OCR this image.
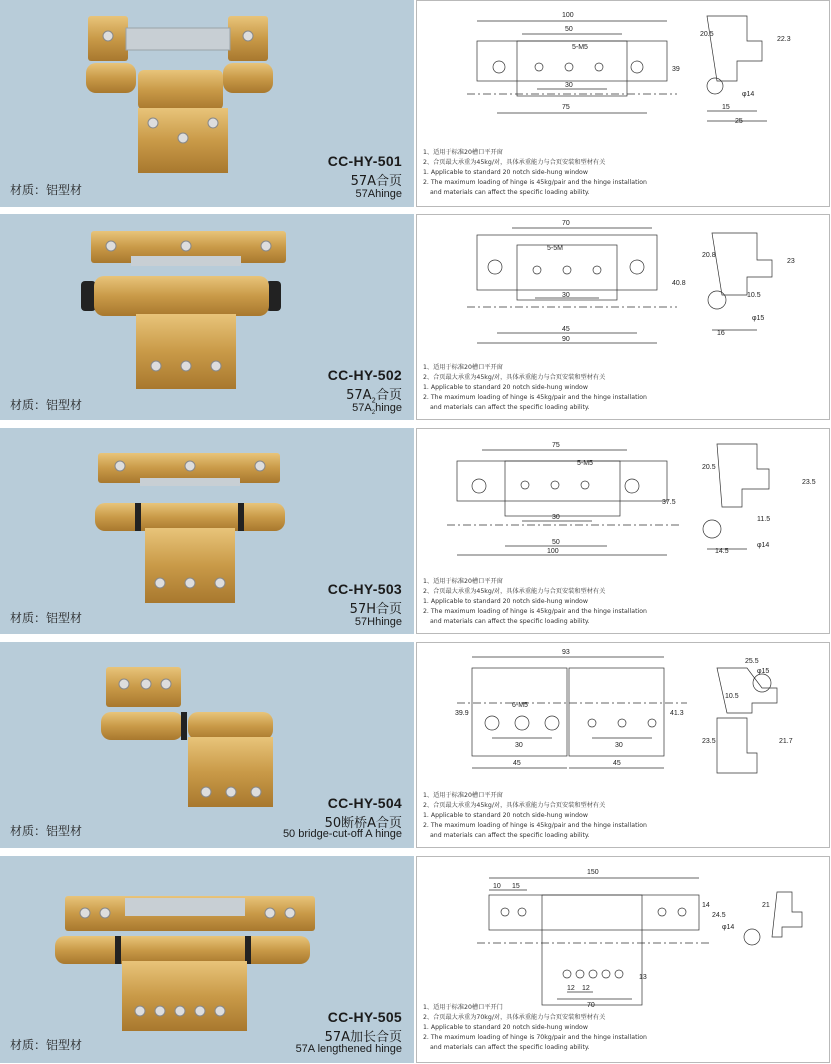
材质：铝型材
CC-HY-501
57A合页
57Ahinge
100
50
5-M5
30
75
39
20.5
22.3
15
25
φ14
1、适用于标准20槽口平开窗
2、合页最大承重为45kg/对，具体承重能力与合页安装和型材有关
1. Applicable to standard 20 notch side-hung window
2. The maximum loading of hinge is 45kg/pair and the hinge installation
and materials can affect the specific loading ability.
材质：铝型材
CC-HY-502
$57A_2$合页
$57A_2hinge$
70
5-5M
30
45
90
40.8
20.8
23
10.5
16
φ15
1、适用于标准20槽口平开窗
2、合页最大承重为45kg/对，具体承重能力与合页安装和型材有关
1. Applicable to standard 20 notch side-hung window
2. The maximum loading of hinge is 45kg/pair and the hinge installation
and materials can affect the specific loading ability.
材质：铝型材
CC-HY-503
57H合页
57Hhinge
75
5-M5
30
50
100
37.5
20.5
23.5
11.5
14.5
φ14
1、适用于标准20槽口平开窗
2、合页最大承重为45kg/对，具体承重能力与合页安装和型材有关
1. Applicable to standard 20 notch side-hung window
2. The maximum loading of hinge is 45kg/pair and the hinge installation
and materials can affect the specific loading ability.
材质：铝型材
CC-HY-504
50断桥A合页
50 bridge-cut-off A hinge
93
6-M5
30	30
45	45
39.9	41.3
25.5
10.5
23.5	21.7
φ15
1、适用于标准20槽口平开窗
2、合页最大承重为45kg/对，具体承重能力与合页安装和型材有关
1. Applicable to standard 20 notch side-hung window
2. The maximum loading of hinge is 45kg/pair and the hinge installation
and materials can affect the specific loading ability.
材质：铝型材
CC-HY-505
57A加长合页
57A lengthened hinge
150
10 15
14
24.5
12 12
13
70
21
φ14
1、适用于标准20槽口平开门
2、合页最大承重为70kg/对，具体承重能力与合页安装和型材有关
1. Applicable to standard 20 notch side-hung window
2. The maximum loading of hinge is 70kg/pair and the hinge installation
and materials can affect the specific loading ability.
